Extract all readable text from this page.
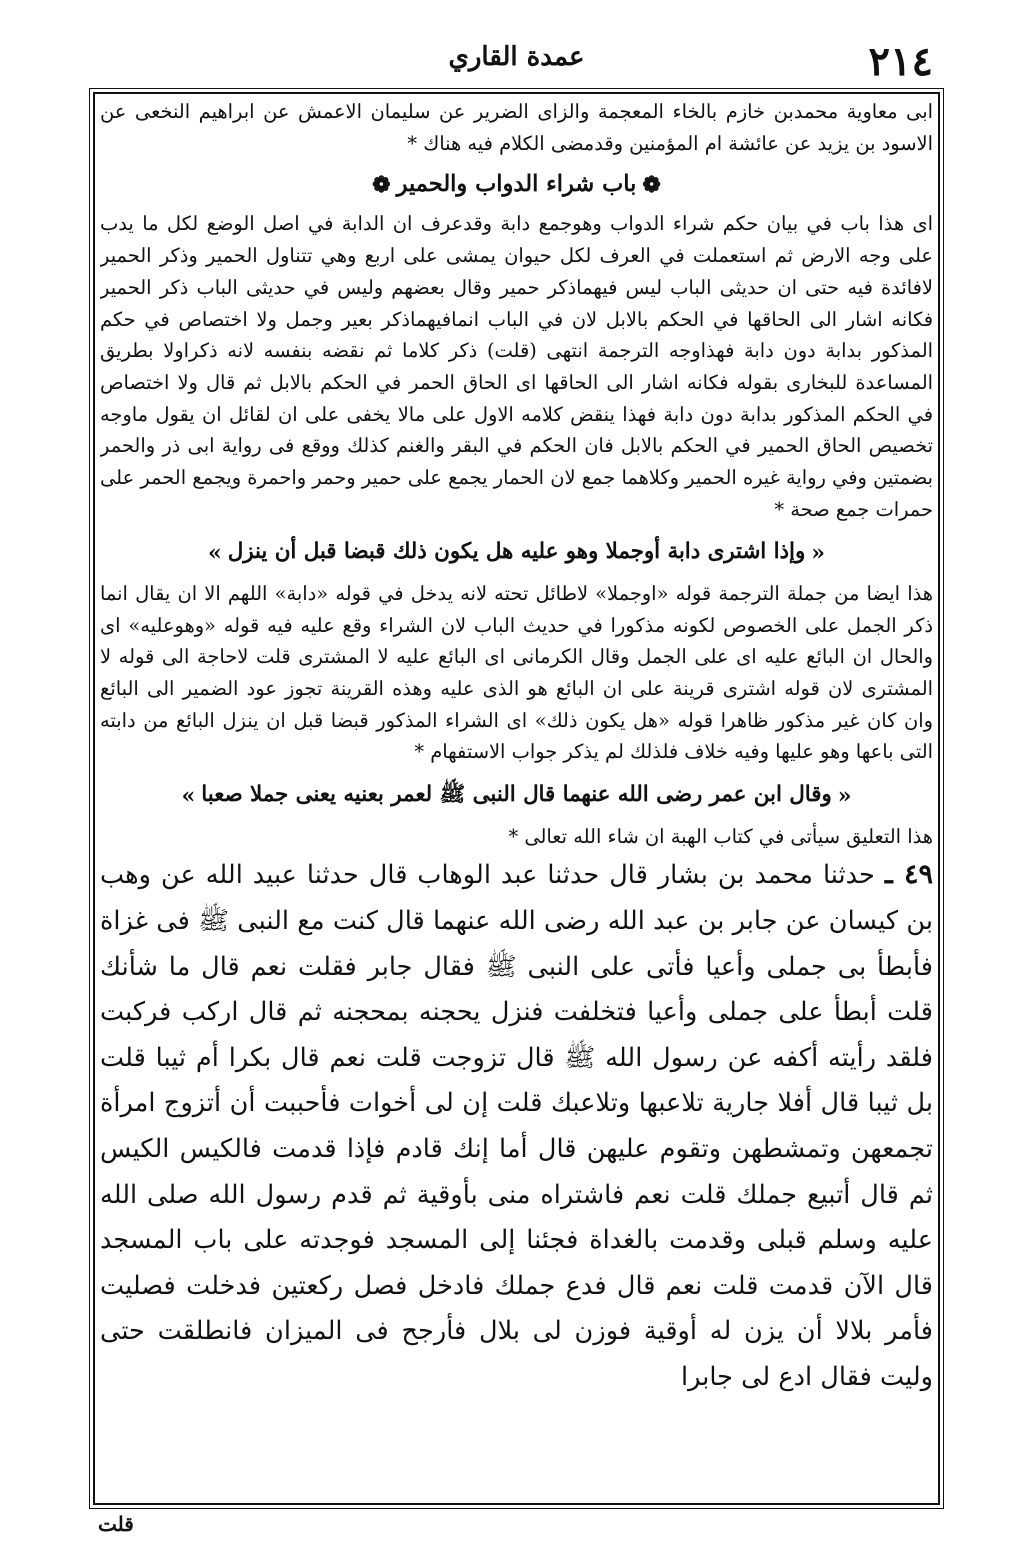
٢١٤
عمدة القاري

ابى معاوية محمدبن خازم بالخاء المعجمة والزاى الضرير عن سليمان الاعمش عن ابراهيم النخعى عن الاسود بن يزيد عن عائشة ام المؤمنين وقدمضى الكلام فيه هناك *

❁باب شراء الدواب والحمير❁

اى هذا باب في بيان حكم شراء الدواب وهوجمع دابة وقدعرف ان الدابة في اصل الوضع لكل ما يدب على وجه الارض ثم استعملت في العرف لكل حيوان يمشى على اربع وهي تتناول الحمير وذكر الحمير لافائدة فيه حتى ان حديثى الباب ليس فيهماذكر حمير وقال بعضهم وليس في حديثى الباب ذكر الحمير فكانه اشار الى الحاقها في الحكم بالابل لان في الباب انمافيهماذكر بعير وجمل ولا اختصاص في حكم المذكور بدابة دون دابة فهذاوجه الترجمة انتهى (قلت) ذكر كلاما ثم نقضه بنفسه لانه ذكراولا بطريق المساعدة للبخارى بقوله فكانه اشار الى الحاقها اى الحاق الحمر في الحكم بالابل ثم قال ولا اختصاص في الحكم المذكور بدابة دون دابة فهذا ينقض كلامه الاول على مالا يخفى على ان لقائل ان يقول ماوجه تخصيص الحاق الحمير في الحكم بالابل فان الحكم في البقر والغنم كذلك ووقع فى رواية ابى ذر والحمر بضمتين وفي رواية غيره الحمير وكلاهما جمع لان الحمار يجمع على حمير وحمر واحمرة ويجمع الحمر على حمرات جمع صحة *

«وإذا اشترى دابة أوجملا وهو عليه هل يكون ذلك قبضا قبل أن ينزل»

هذا ايضا من جملة الترجمة قوله «اوجملا» لاطائل تحته لانه يدخل في قوله «دابة» اللهم الا ان يقال انما ذكر الجمل على الخصوص لكونه مذكورا في حديث الباب لان الشراء وقع عليه فيه قوله «وهوعليه» اى والحال ان البائع عليه اى على الجمل وقال الكرمانى اى البائع عليه لا المشترى قلت لاحاجة الى قوله لا المشترى لان قوله اشترى قرينة على ان البائع هو الذى عليه وهذه القرينة تجوز عود الضمير الى البائع وان كان غير مذكور ظاهرا قوله «هل يكون ذلك» اى الشراء المذكور قبضا قبل ان ينزل البائع من دابته التى باعها وهو عليها وفيه خلاف فلذلك لم يذكر جواب الاستفهام *

«وقال ابن عمر رضى الله عنهما قال النبى ﷺ لعمر بعنيه يعنى جملا صعبا»

هذا التعليق سيأتى في كتاب الهبة ان شاء الله تعالى *

٤٩ ـ حدثنا محمد بن بشار قال حدثنا عبد الوهاب قال حدثنا عبيد الله عن وهب بن كيسان عن جابر بن عبد الله رضى الله عنهما قال كنت مع النبى ﷺ فى غزاة فأبطأ بى جملى وأعيا فأتى على النبى ﷺ فقال جابر فقلت نعم قال ما شأنك قلت أبطأ على جملى وأعيا فتخلفت فنزل يحجنه بمحجنه ثم قال اركب فركبت فلقد رأيته أكفه عن رسول الله ﷺ قال تزوجت قلت نعم قال بكرا أم ثيبا قلت بل ثيبا قال أفلا جارية تلاعبها وتلاعبك قلت إن لى أخوات فأحببت أن أتزوج امرأة تجمعهن وتمشطهن وتقوم عليهن قال أما إنك قادم فإذا قدمت فالكيس الكيس ثم قال أتبيع جملك قلت نعم فاشتراه منى بأوقية ثم قدم رسول الله صلى الله عليه وسلم قبلى وقدمت بالغداة فجئنا إلى المسجد فوجدته على باب المسجد قال الآن قدمت قلت نعم قال فدع جملك فادخل فصل ركعتين فدخلت فصليت فأمر بلالا أن يزن له أوقية فوزن لى بلال فأرجح فى الميزان فانطلقت حتى وليت فقال ادع لى جابرا

قلت
